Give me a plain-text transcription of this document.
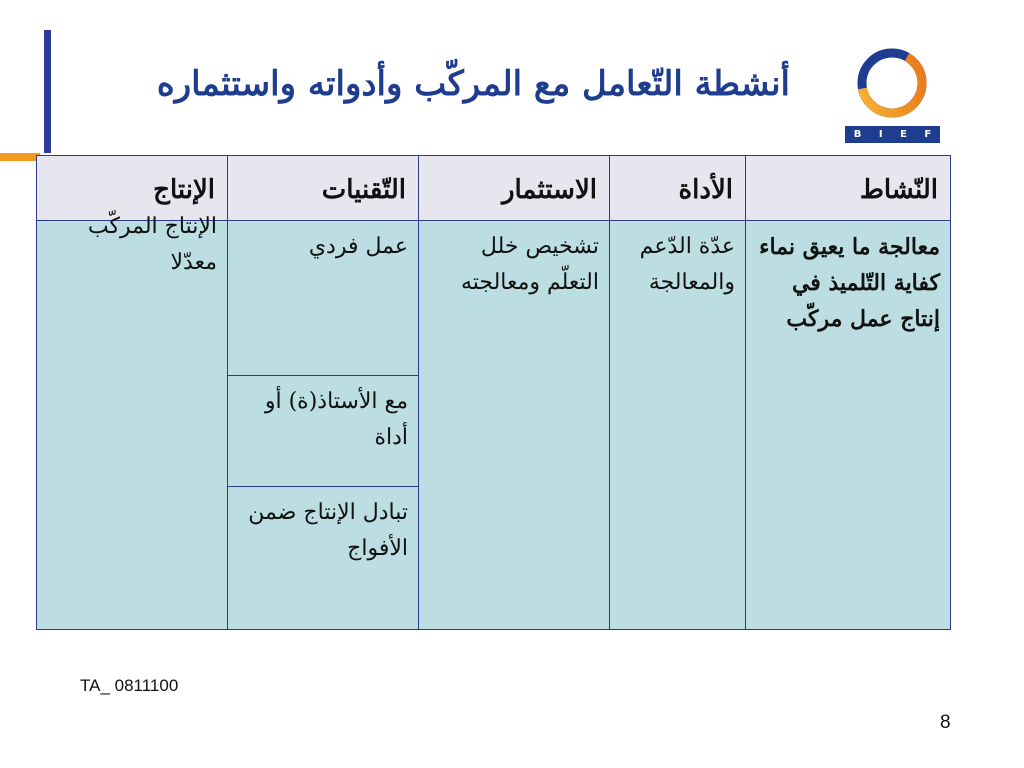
أنشطة التّعامل مع المركّب وأدواته واستثماره
B I E F
النّشاط	الأداة	الاستثمار	التّقنيات	الإنتاج
معالجة ما يعيق نماء كفاية التّلميذ في إنتاج عمل مركّب	عدّة الدّعم والمعالجة	تشخيص خلل التعلّم ومعالجته	عمل فردي	الإنتاج المركّب معدّلا

			مع الأستاذ(ة) أو أداة	
			تبادل الإنتاج ضمن الأفواج	
TA_ 0811100
8
